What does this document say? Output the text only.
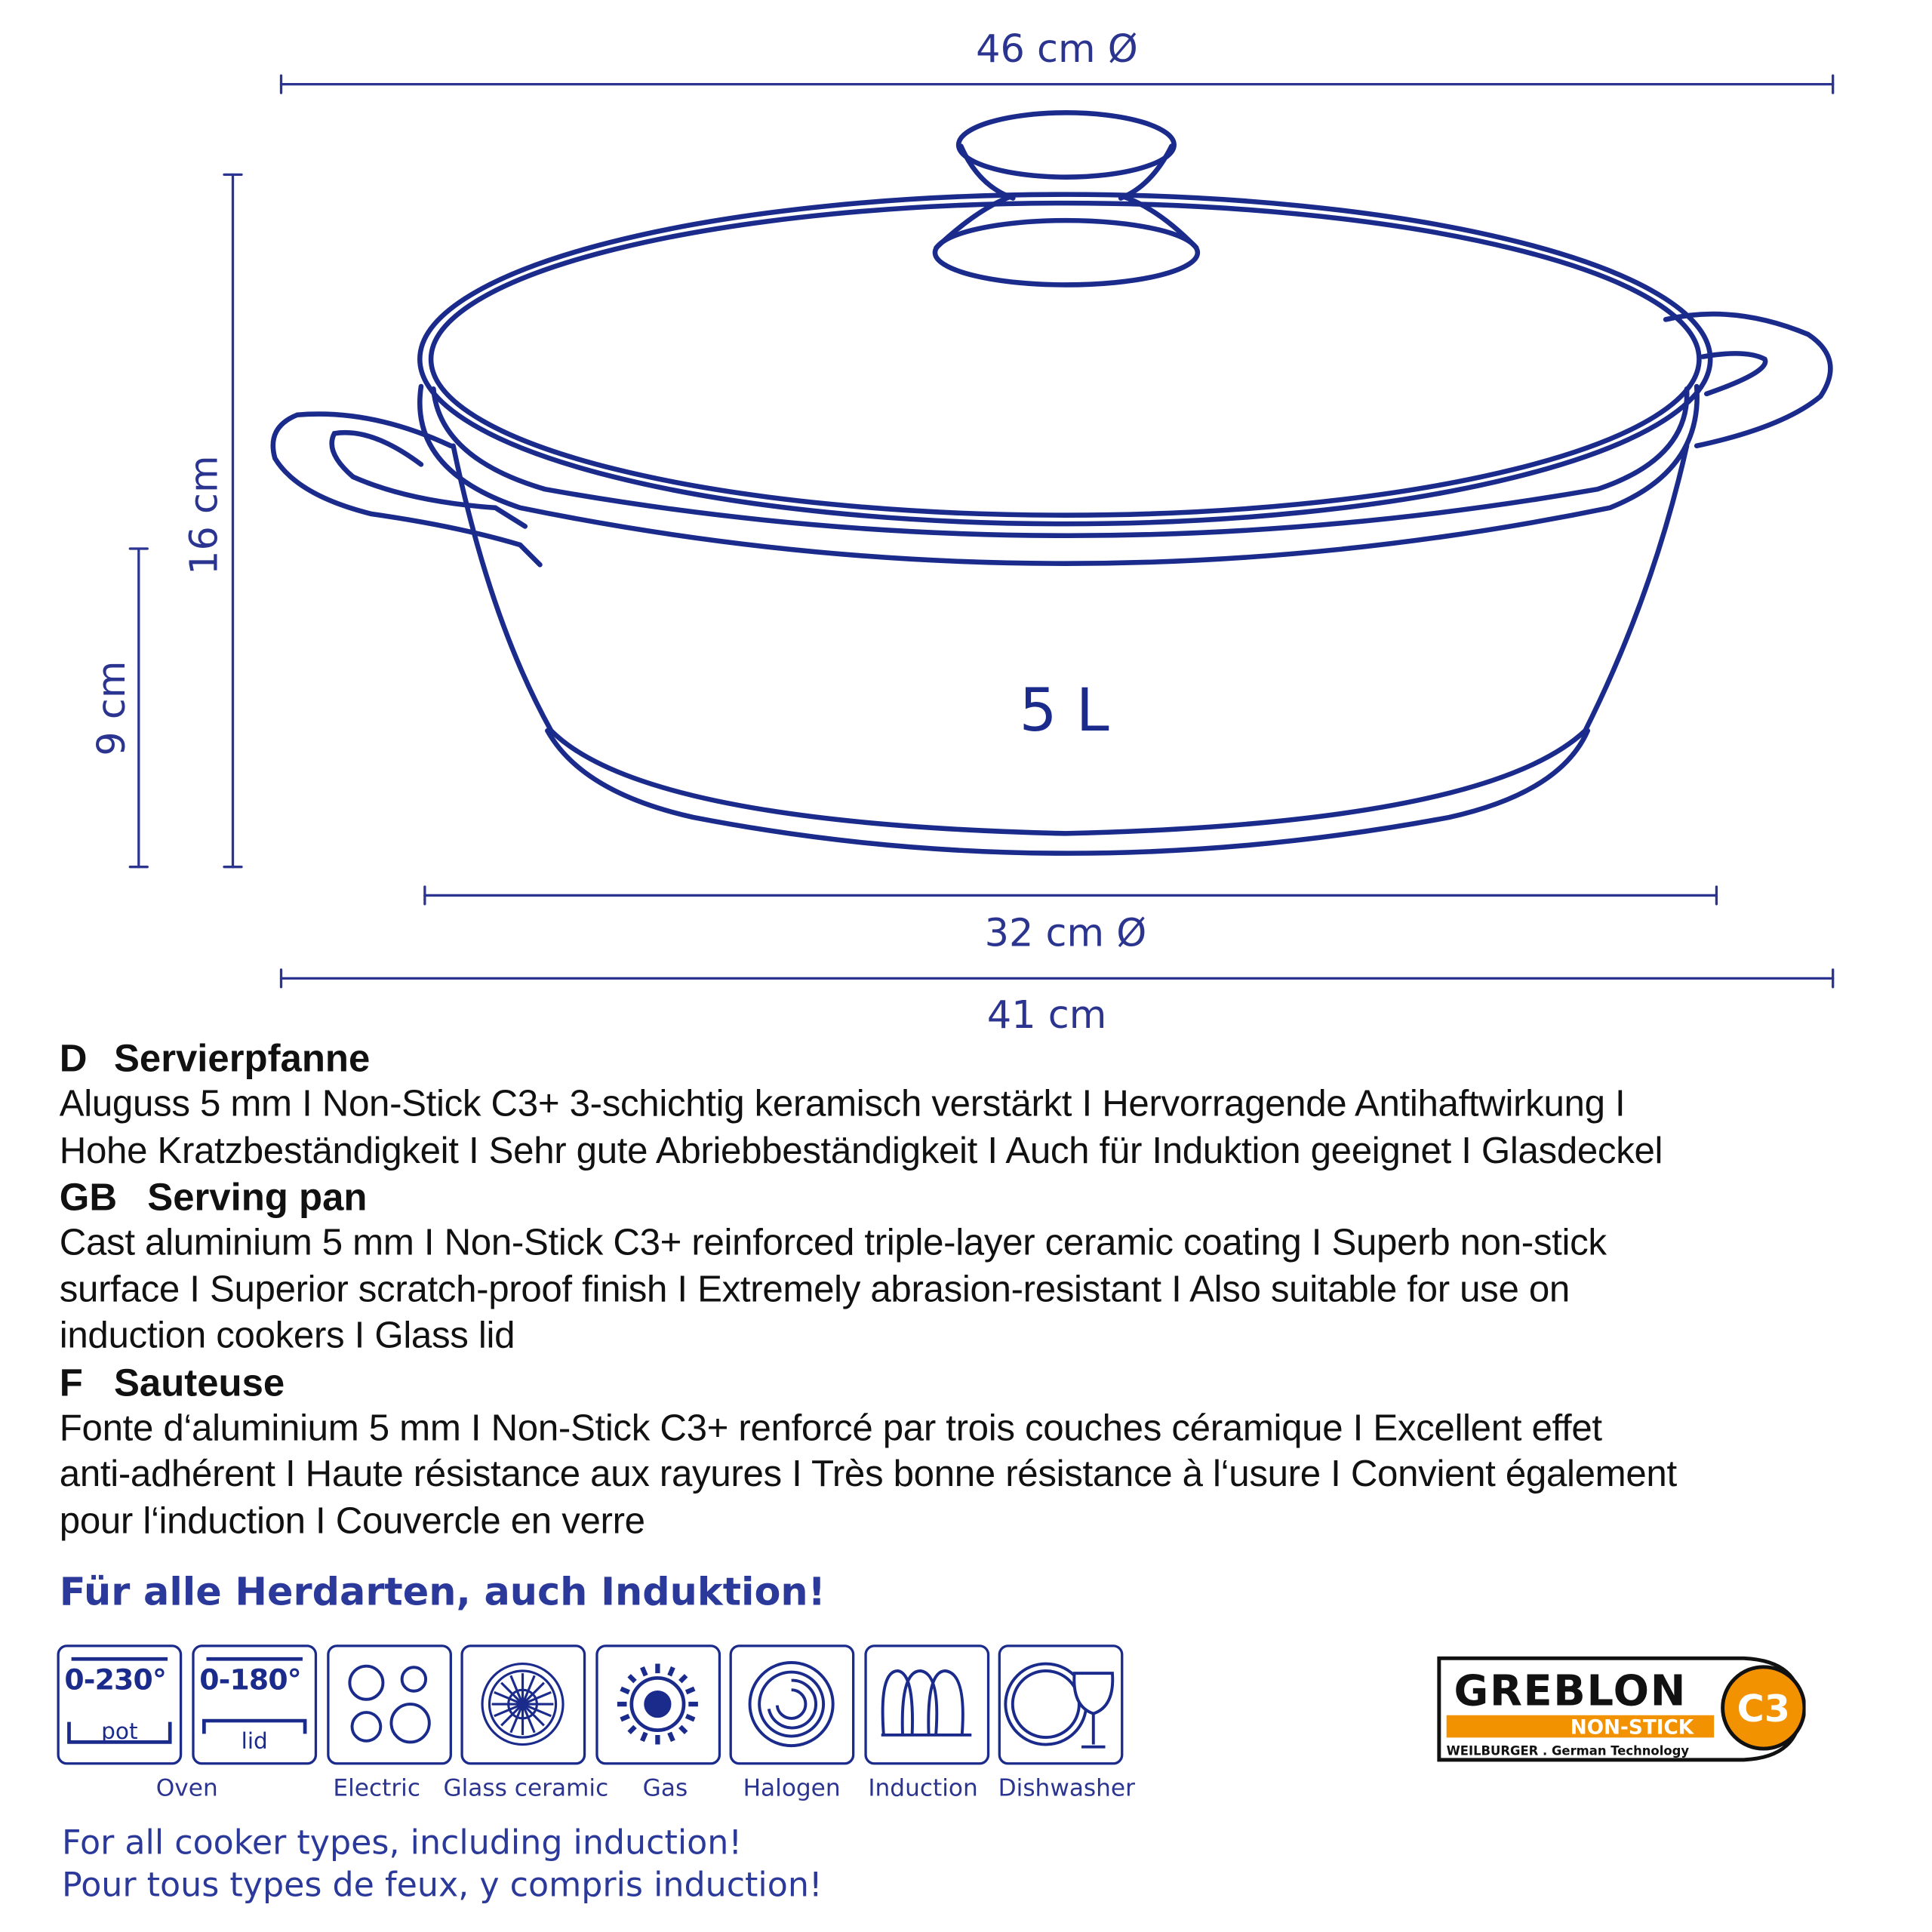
46 cm Ø
16 cm
9 cm
32 cm Ø
41 cm
5 L
D Servierpfanne
Aluguss 5 mm I Non-Stick C3+ 3-schichtig keramisch verstärkt I Hervorragende Antihaftwirkung I
Hohe Kratzbeständigkeit I Sehr gute Abriebbeständigkeit I Auch für Induktion geeignet I Glasdeckel
GB Serving pan
Cast aluminium 5 mm I Non-Stick C3+ reinforced triple-layer ceramic coating I Superb non-stick
surface I Superior scratch-proof finish I Extremely abrasion-resistant I Also suitable for use on
induction cookers I Glass lid
F Sauteuse
Fonte d‘aluminium 5 mm I Non-Stick C3+ renforcé par trois couches céramique I Excellent effet
anti-adhérent I Haute résistance aux rayures I Très bonne résistance à l‘usure I Convient également
pour l‘induction I Couvercle en verre
Für alle Herdarten, auch Induktion!
0-230°
pot
0-180°
lid
Oven	Electric Glass ceramic Gas	Halogen Induction Dishwasher
C3
GREBLON
NON-STICK
WEILBURGER . German Technology
For all cooker types, including induction!
Pour tous types de feux, y compris induction!
